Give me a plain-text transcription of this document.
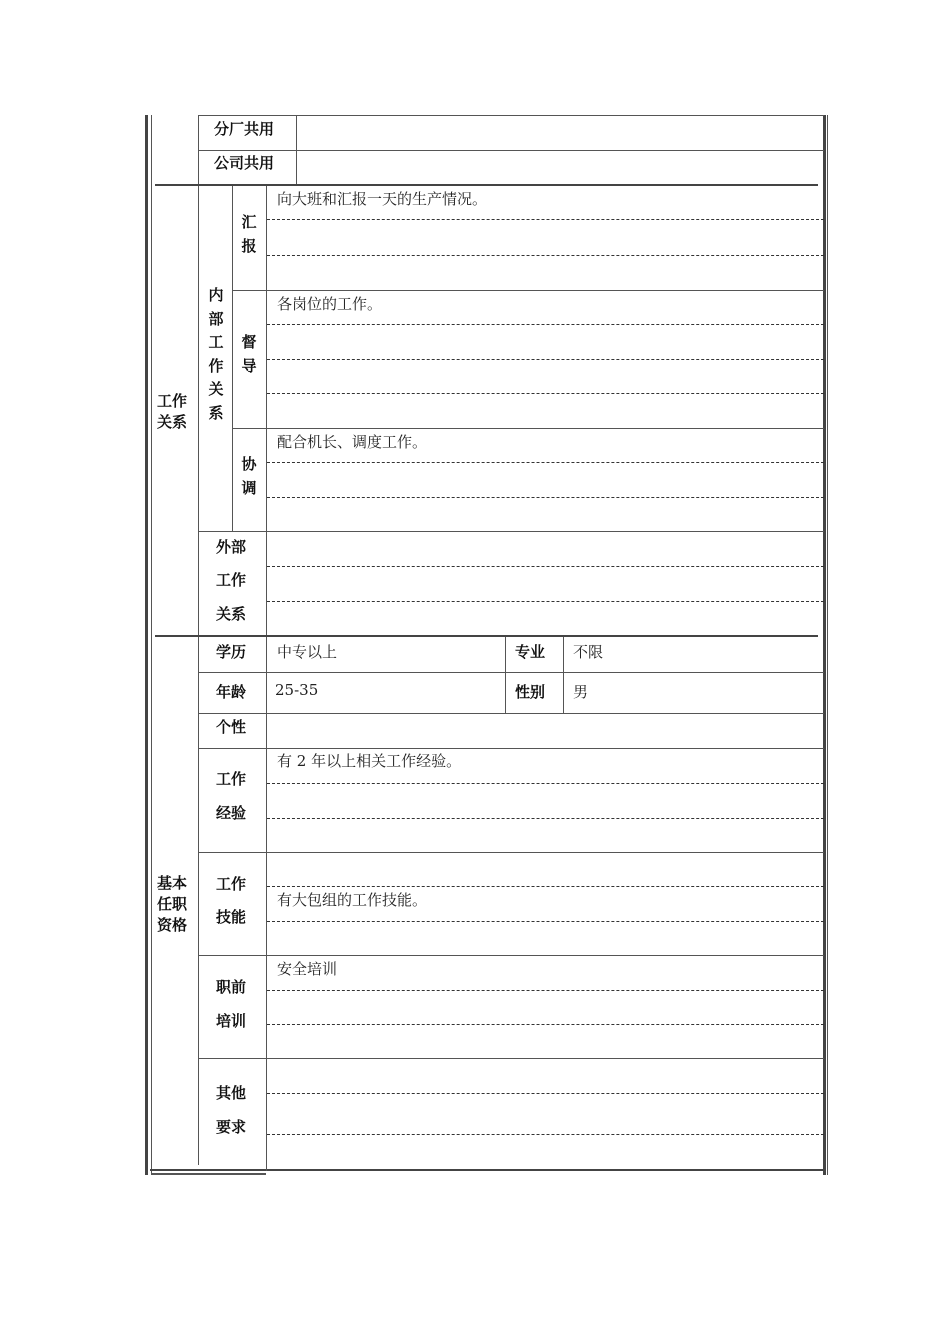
分厂共用
公司共用
工作关系
内部工作关系
汇报
向大班和汇报一天的生产情况。
督导
各岗位的工作。
协调
配合机长、调度工作。
外部
工作
关系
基本任职资格
学历 中专以上	专业 不限
年龄 25-35	性别 男
个性
工作
经验
有 2 年以上相关工作经验。
工作
技能
有大包组的工作技能。
职前
培训
安全培训
其他
要求
